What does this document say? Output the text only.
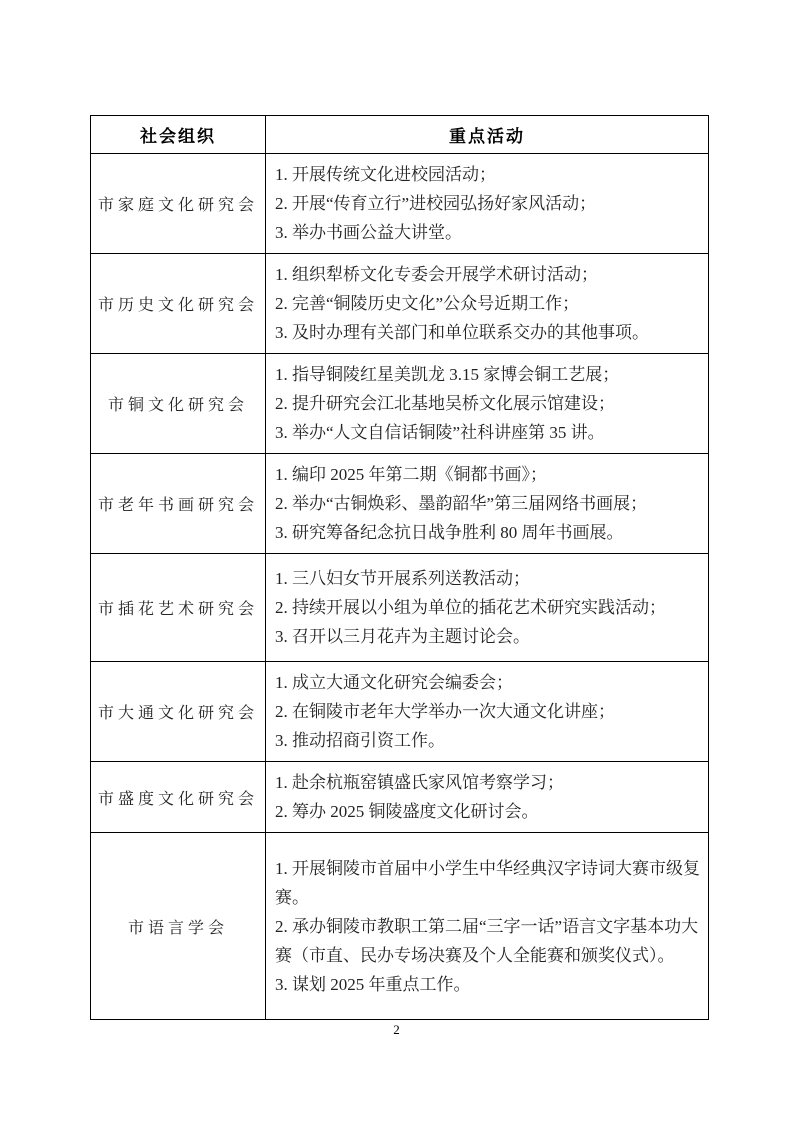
社会组织	重点活动
市家庭文化研究会	1. 开展传统文化进校园活动；
2. 开展“传育立行”进校园弘扬好家风活动；
3. 举办书画公益大讲堂。

市历史文化研究会	1. 组织犁桥文化专委会开展学术研讨活动；
2. 完善“铜陵历史文化”公众号近期工作；
3. 及时办理有关部门和单位联系交办的其他事项。

市铜文化研究会	1. 指导铜陵红星美凯龙 3.15 家博会铜工艺展；
2. 提升研究会江北基地吴桥文化展示馆建设；
3. 举办“人文自信话铜陵”社科讲座第 35 讲。

市老年书画研究会	1. 编印 2025 年第二期《铜都书画》；
2. 举办“古铜焕彩、墨韵韶华”第三届网络书画展；
3. 研究筹备纪念抗日战争胜利 80 周年书画展。

市插花艺术研究会	1. 三八妇女节开展系列送教活动；
2. 持续开展以小组为单位的插花艺术研究实践活动；
3. 召开以三月花卉为主题讨论会。

市大通文化研究会	1. 成立大通文化研究会编委会；
2. 在铜陵市老年大学举办一次大通文化讲座；
3. 推动招商引资工作。

市盛度文化研究会	1. 赴余杭瓶窑镇盛氏家风馆考察学习；
2. 筹办 2025 铜陵盛度文化研讨会。

市语言学会	1. 开展铜陵市首届中小学生中华经典汉字诗词大赛市级复赛。
2. 承办铜陵市教职工第二届“三字一话”语言文字基本功大赛（市直、民办专场决赛及个人全能赛和颁奖仪式）。
3. 谋划 2025 年重点工作。
2
